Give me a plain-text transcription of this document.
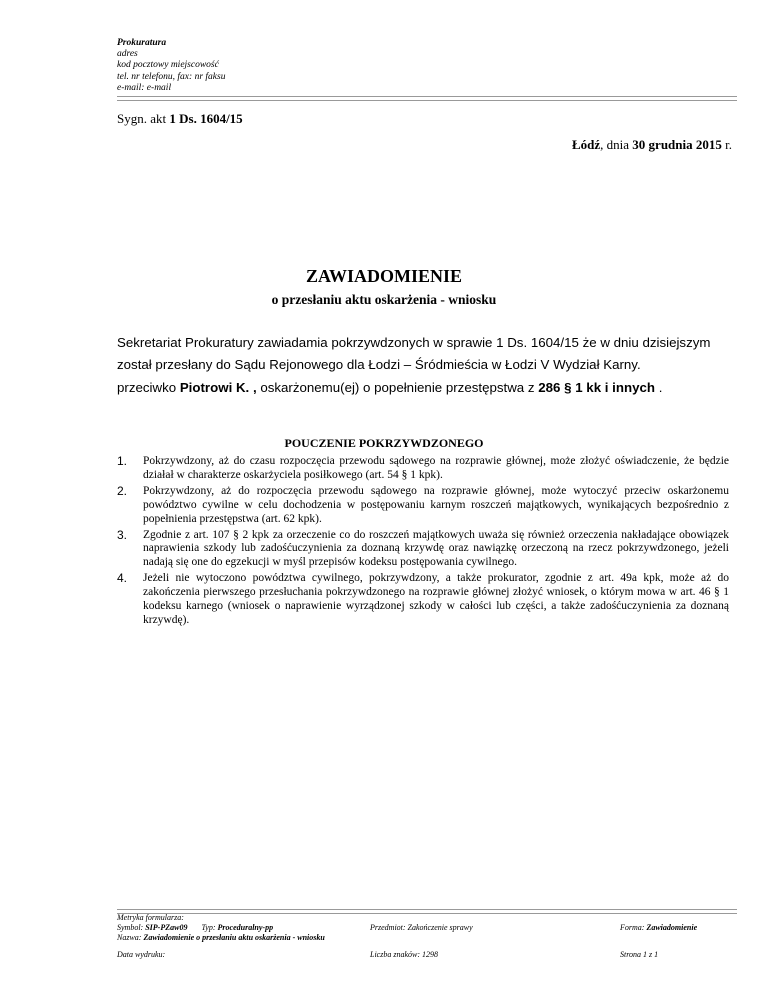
Prokuratura
adres
kod pocztowy miejscowość
tel. nr telefonu, fax: nr faksu
e-mail: e-mail
Sygn. akt 1 Ds. 1604/15
Łódź, dnia 30 grudnia 2015 r.
ZAWIADOMIENIE
o przesłaniu aktu oskarżenia - wniosku
Sekretariat Prokuratury zawiadamia pokrzywdzonych w sprawie 1 Ds. 1604/15 że w dniu dzisiejszym
został przesłany do Sądu Rejonowego dla Łodzi – Śródmieścia w Łodzi V Wydział Karny.
przeciwko Piotrowi K. , oskarżonemu(ej) o popełnienie przestępstwa z 286 § 1 kk i innych .
POUCZENIE POKRZYWDZONEGO
1. Pokrzywdzony, aż do czasu rozpoczęcia przewodu sądowego na rozprawie głównej, może złożyć oświadczenie, że będzie działał w charakterze oskarżyciela posiłkowego (art. 54 § 1 kpk).
2. Pokrzywdzony, aż do rozpoczęcia przewodu sądowego na rozprawie głównej, może wytoczyć przeciw oskarżonemu powództwo cywilne w celu dochodzenia w postępowaniu karnym roszczeń majątkowych, wynikających bezpośrednio z popełnienia przestępstwa (art. 62 kpk).
3. Zgodnie z art. 107 § 2 kpk za orzeczenie co do roszczeń majątkowych uważa się również orzeczenia nakładające obowiązek naprawienia szkody lub zadośćuczynienia za doznaną krzywdę oraz nawiązkę orzeczoną na rzecz pokrzywdzonego, jeżeli nadają się one do egzekucji w myśl przepisów kodeksu postępowania cywilnego.
4. Jeżeli nie wytoczono powództwa cywilnego, pokrzywdzony, a także prokurator, zgodnie z art. 49a kpk, może aż do zakończenia pierwszego przesłuchania pokrzywdzonego na rozprawie głównej złożyć wniosek, o którym mowa w art. 46 § 1 kodeksu karnego (wniosek o naprawienie wyrządzonej szkody w całości lub części, a także zadośćuczynienia za doznaną krzywdę).
Metryka formularza:
Symbol: SIP-PZaw09 Typ: Proceduralny-pp
Nazwa: Zawiadomienie o przesłaniu aktu oskarżenia - wniosku
Przedmiot: Zakończenie sprawy	Forma: Zawiadomienie
Data wydruku:	Liczba znaków: 1298	Strona 1 z 1
